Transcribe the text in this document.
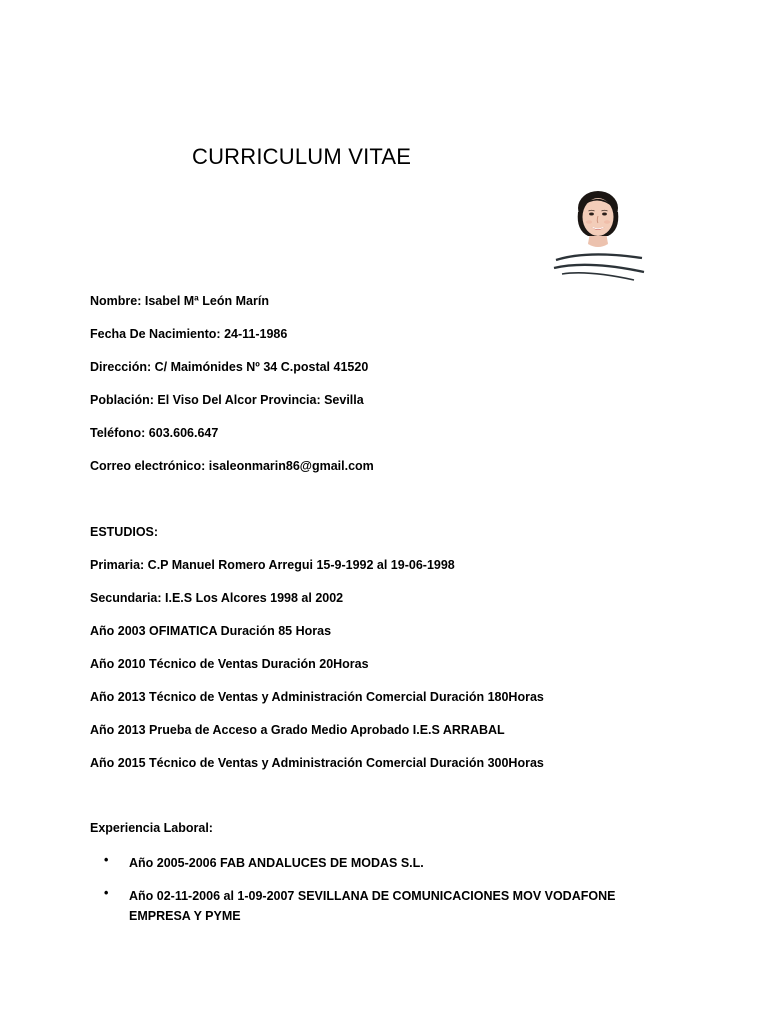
CURRICULUM VITAE
Nombre: Isabel Mª León Marín
Fecha De Nacimiento: 24-11-1986
Dirección: C/ Maimónides Nº 34 C.postal 41520
Población: El Viso Del Alcor Provincia: Sevilla
Teléfono: 603.606.647
Correo electrónico: isaleonmarin86@gmail.com
ESTUDIOS:
Primaria: C.P Manuel Romero Arregui 15-9-1992 al 19-06-1998
Secundaria: I.E.S Los Alcores 1998 al 2002
Año 2003 OFIMATICA Duración 85 Horas
Año 2010 Técnico de Ventas Duración 20Horas
Año 2013 Técnico de Ventas y Administración Comercial Duración 180Horas
Año 2013 Prueba de Acceso a Grado Medio Aprobado I.E.S ARRABAL
Año 2015 Técnico de Ventas y Administración Comercial Duración 300Horas
Experiencia Laboral:
• Año 2005-2006 FAB ANDALUCES DE MODAS S.L.
• Año 02-11-2006 al 1-09-2007 SEVILLANA DE COMUNICACIONES MOV VODAFONE EMPRESA Y PYME
